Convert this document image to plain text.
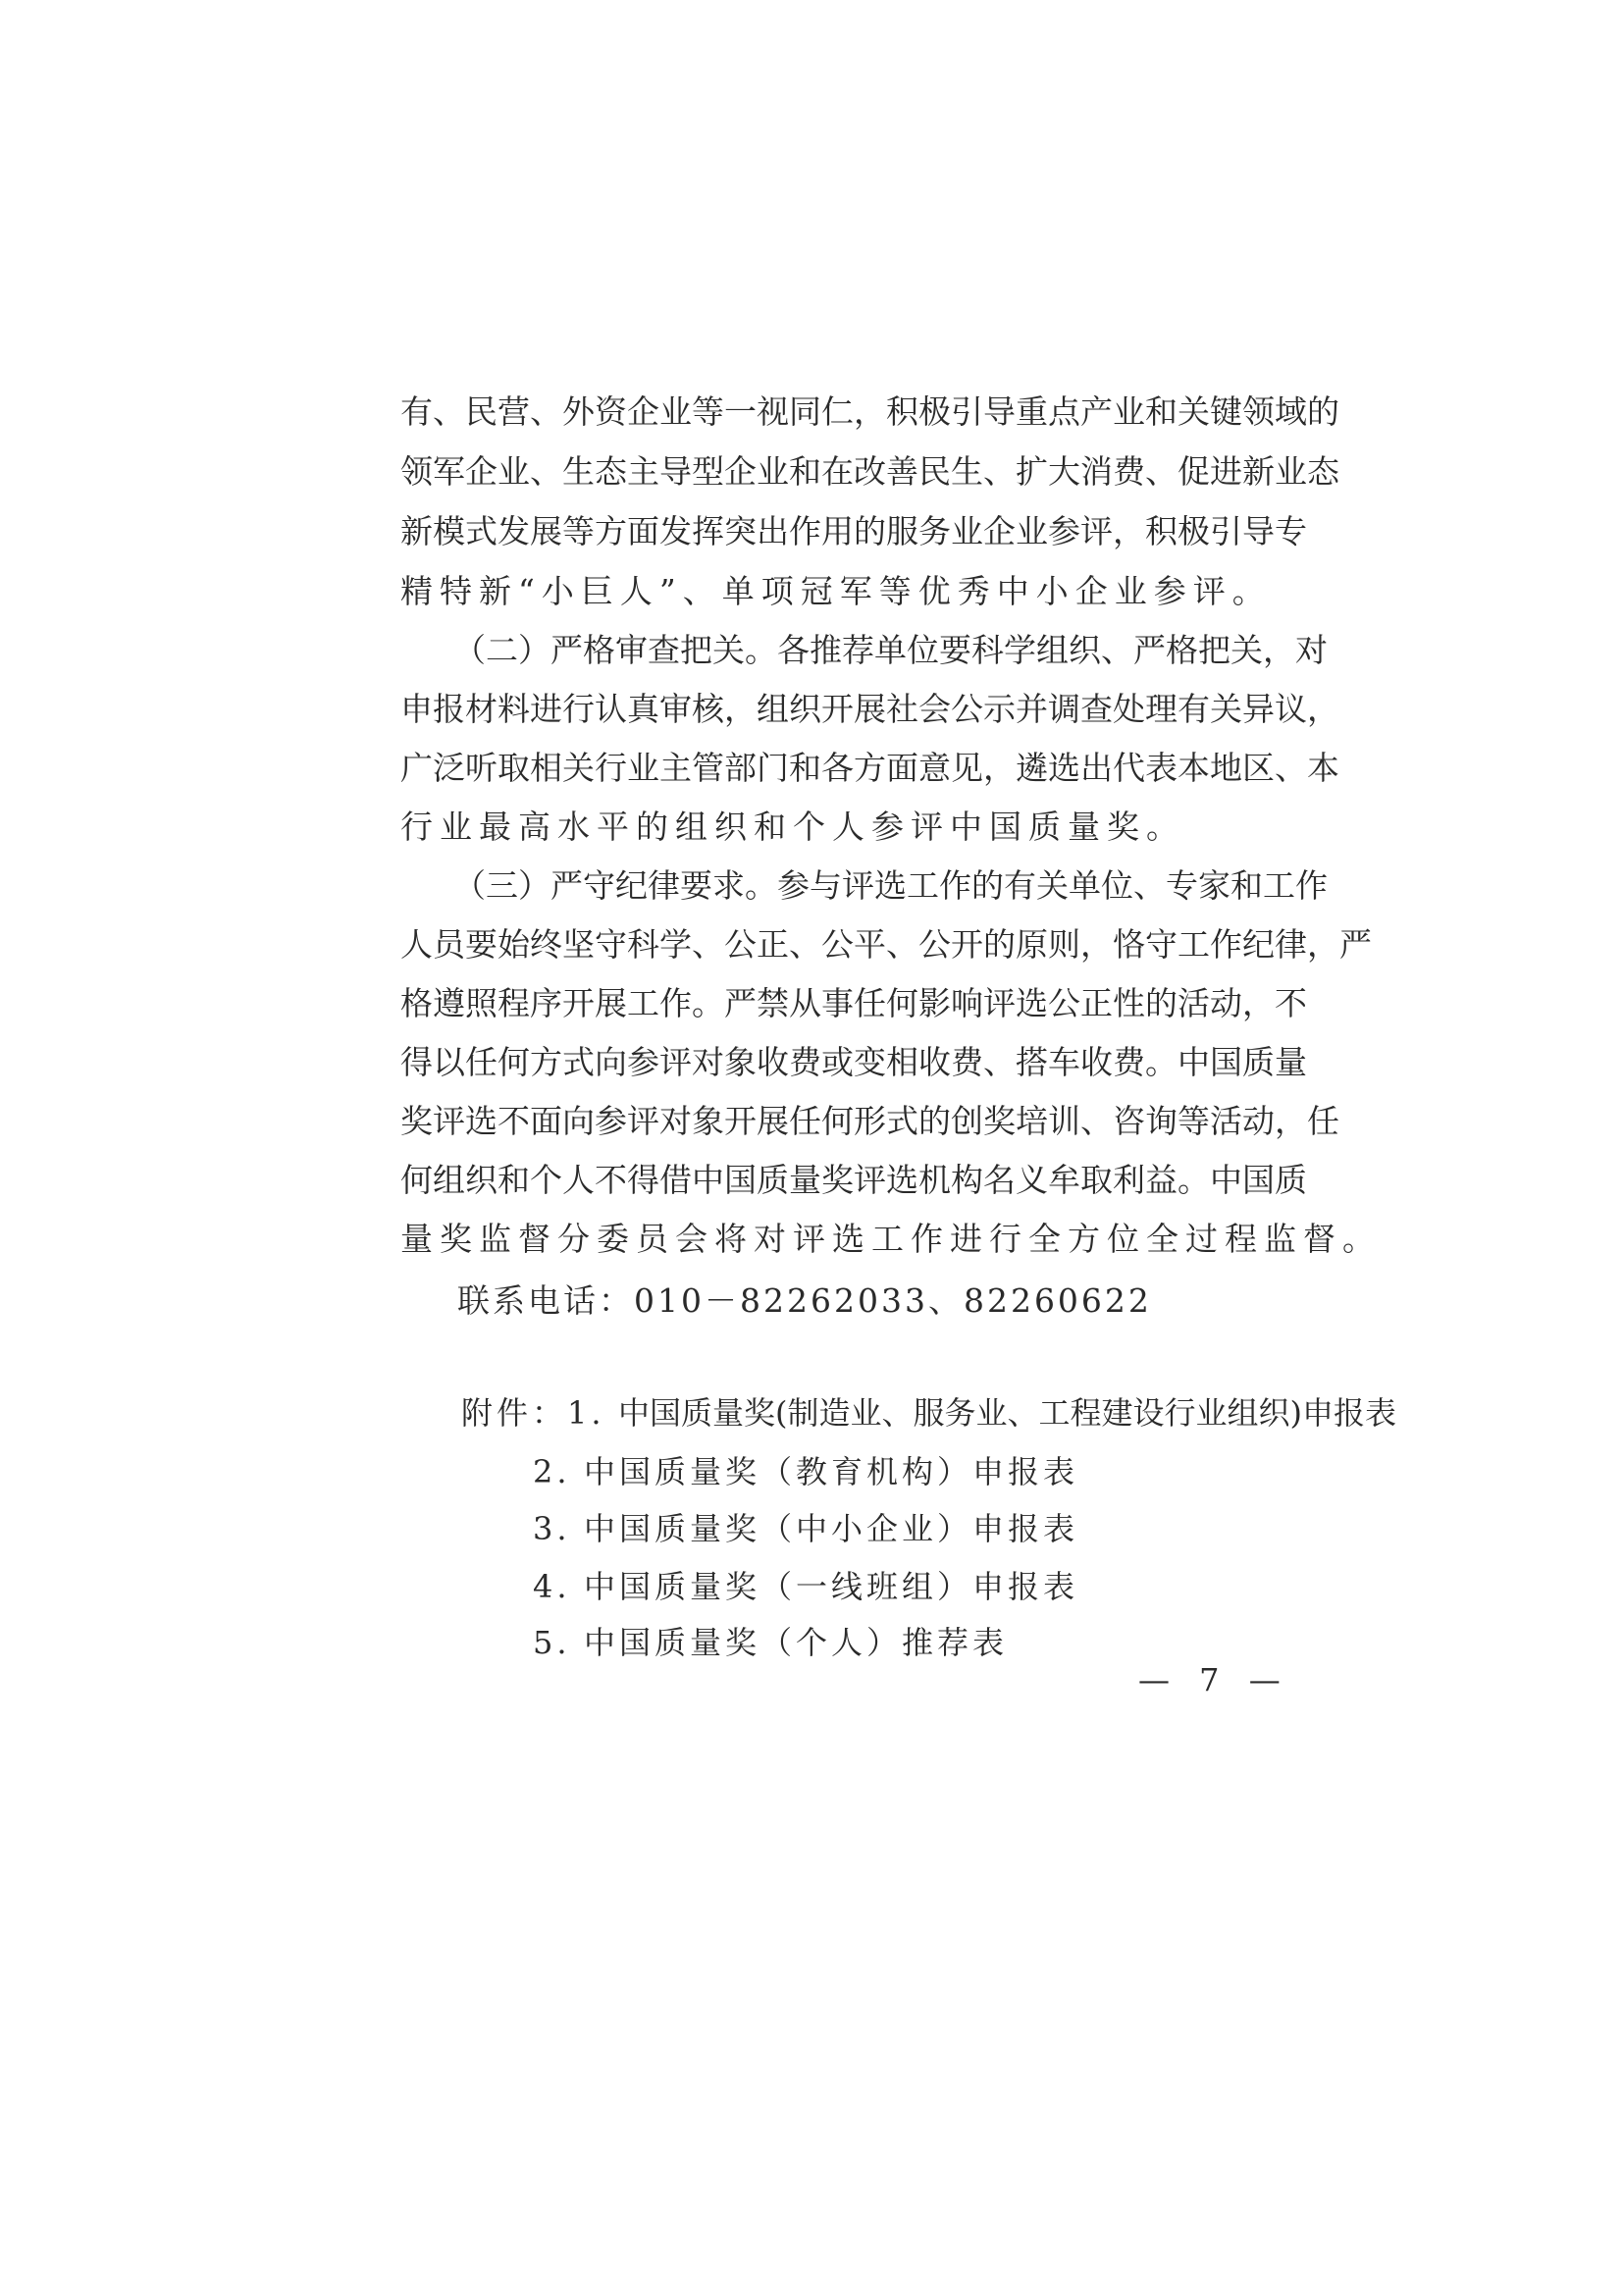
有、民营、外资企业等一视同仁，积极引导重点产业和关键领域的
领军企业、生态主导型企业和在改善民生、扩大消费、促进新业态
新模式发展等方面发挥突出作用的服务业企业参评，积极引导专
精特新“小巨人”、单项冠军等优秀中小企业参评。
（二）严格审查把关。各推荐单位要科学组织、严格把关，对
申报材料进行认真审核，组织开展社会公示并调查处理有关异议，
广泛听取相关行业主管部门和各方面意见，遴选出代表本地区、本
行业最高水平的组织和个人参评中国质量奖。
（三）严守纪律要求。参与评选工作的有关单位、专家和工作
人员要始终坚守科学、公正、公平、公开的原则，恪守工作纪律，严
格遵照程序开展工作。严禁从事任何影响评选公正性的活动，不
得以任何方式向参评对象收费或变相收费、搭车收费。中国质量
奖评选不面向参评对象开展任何形式的创奖培训、咨询等活动，任
何组织和个人不得借中国质量奖评选机构名义牟取利益。中国质
量奖监督分委员会将对评选工作进行全方位全过程监督。
联系电话：010－82262033、82260622
附件：1. 中国质量奖(制造业、服务业、工程建设行业组织)申报表
2. 中国质量奖（教育机构）申报表
3. 中国质量奖（中小企业）申报表
4. 中国质量奖（一线班组）申报表
5. 中国质量奖（个人）推荐表
— 7 —
